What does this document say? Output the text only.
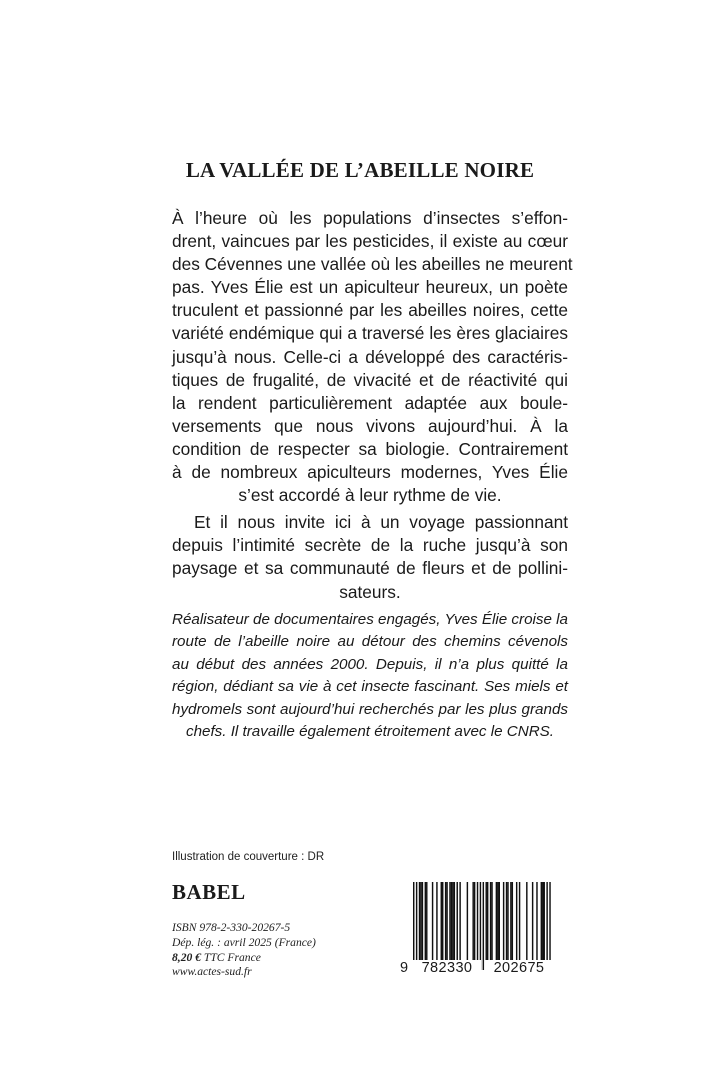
LA VALLÉE DE L’ABEILLE NOIRE
À l’heure où les populations d’insectes s’effon-
drent, vaincues par les pesticides, il existe au cœur
des Cévennes une vallée où les abeilles ne meurent
pas. Yves Élie est un apiculteur heureux, un poète
truculent et passionné par les abeilles noires, cette
variété endémique qui a traversé les ères glaciaires
jusqu’à nous. Celle-ci a développé des caractéris-
tiques de frugalité, de vivacité et de réactivité qui
la rendent particulièrement adaptée aux boule-
versements que nous vivons aujourd’hui. À la
condition de respecter sa biologie. Contrairement
à de nombreux apiculteurs modernes, Yves Élie
s’est accordé à leur rythme de vie.
Et il nous invite ici à un voyage passionnant
depuis l’intimité secrète de la ruche jusqu’à son
paysage et sa communauté de fleurs et de pollini-
sateurs.
Réalisateur de documentaires engagés, Yves Élie croise la
route de l’abeille noire au détour des chemins cévenols
au début des années 2000. Depuis, il n’a plus quitté la
région, dédiant sa vie à cet insecte fascinant. Ses miels et
hydromels sont aujourd’hui recherchés par les plus grands
chefs. Il travaille également étroitement avec le CNRS.
Illustration de couverture : DR
BABEL
ISBN 978-2-330-20267-5
Dép. lég. : avril 2025 (France)
8,20 € TTC France
www.actes-sud.fr	9 782330	202675
